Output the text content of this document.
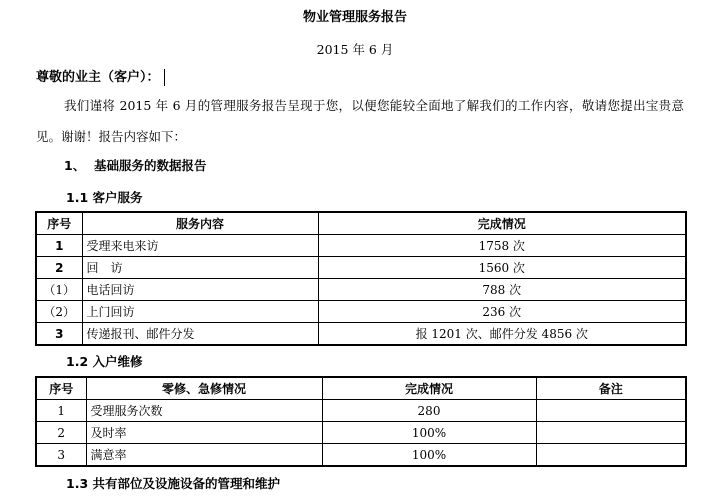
物业管理服务报告
2015 年 6 月
尊敬的业主（客户）：
我们谨将 2015 年 6 月的管理服务报告呈现于您，以便您能较全面地了解我们的工作内容，敬请您提出宝贵意见。谢谢！报告内容如下：
1、 基础服务的数据报告
1.1 客户服务
序号	服务内容	完成情况
1	受理来电来访	1758 次
2	回　访	1560 次
（1）	电话回访	788 次
（2）	上门回访	236 次
3	传递报刊、邮件分发	报 1201 次、邮件分发 4856 次
1.2 入户维修
序号	零修、急修情况	完成情况	备注
1	受理服务次数	280	
2	及时率	100%	
3	满意率	100%	
1.3 共有部位及设施设备的管理和维护
